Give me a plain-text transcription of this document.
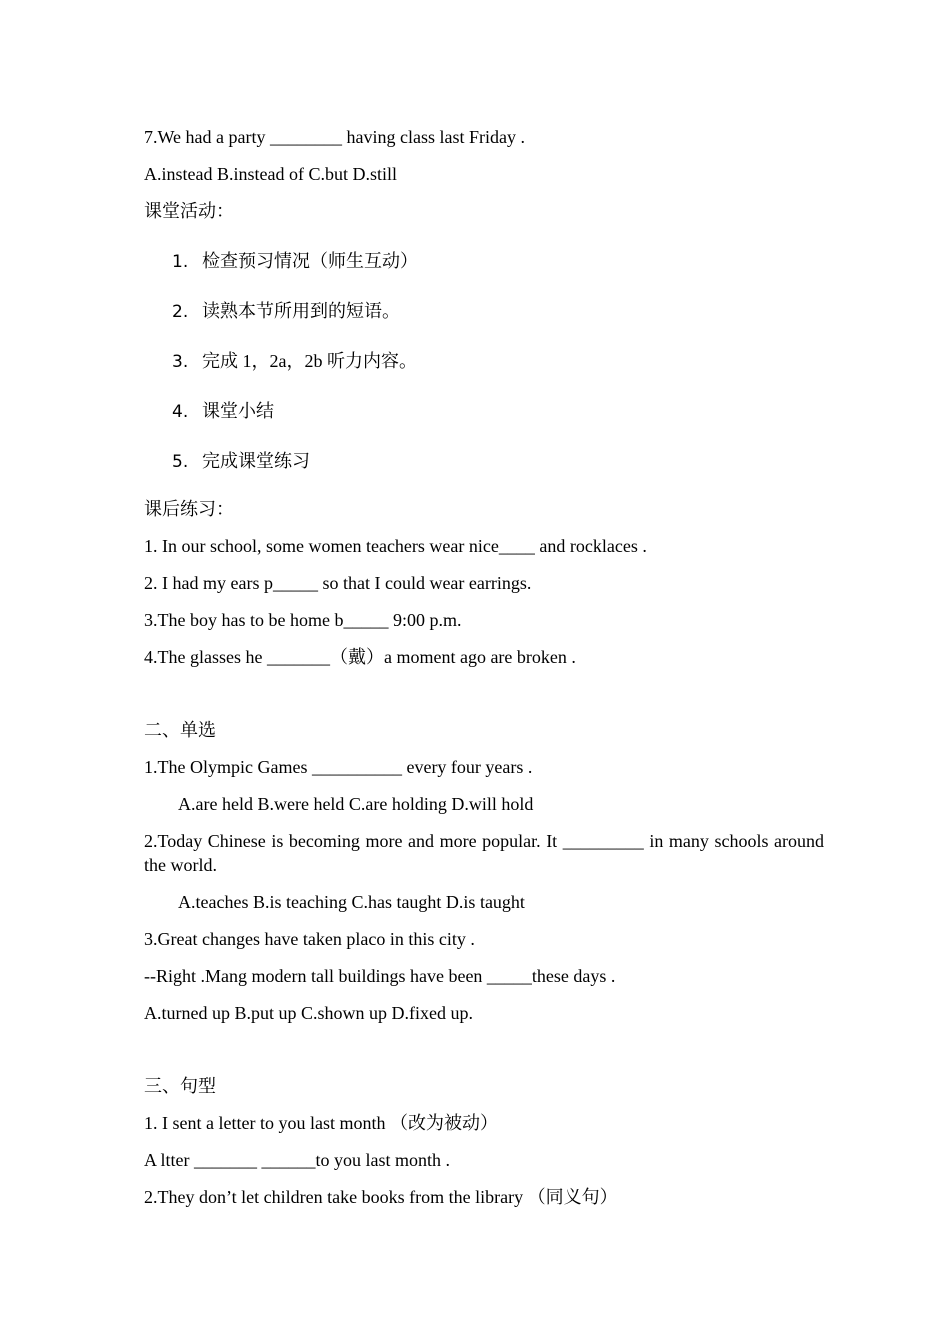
7.We had a party ________ having class last Friday .
A.instead B.instead of C.but D.still
课堂活动：
1. 检查预习情况（师生互动）
2. 读熟本节所用到的短语。
3. 完成 1，2a，2b 听力内容。
4. 课堂小结
5. 完成课堂练习
课后练习：
1. In our school, some women teachers wear nice____ and rocklaces .
2. I had my ears p_____ so that I could wear earrings.
3.The boy has to be home b_____ 9:00 p.m.
4.The glasses he _______（戴）a moment ago are broken .
二、单选
1.The Olympic Games __________ every four years .
A.are held B.were held C.are holding D.will hold
2.Today Chinese is becoming more and more popular. It _________ in many schools around the world.
A.teaches B.is teaching C.has taught D.is taught
3.Great changes have taken placo in this city .
--Right .Mang modern tall buildings have been _____these days .
A.turned up B.put up C.shown up D.fixed up.
三、句型
1. I sent a letter to you last month （改为被动）
A ltter _______ ______to you last month .
2.They don’t let children take books from the library （同义句）
